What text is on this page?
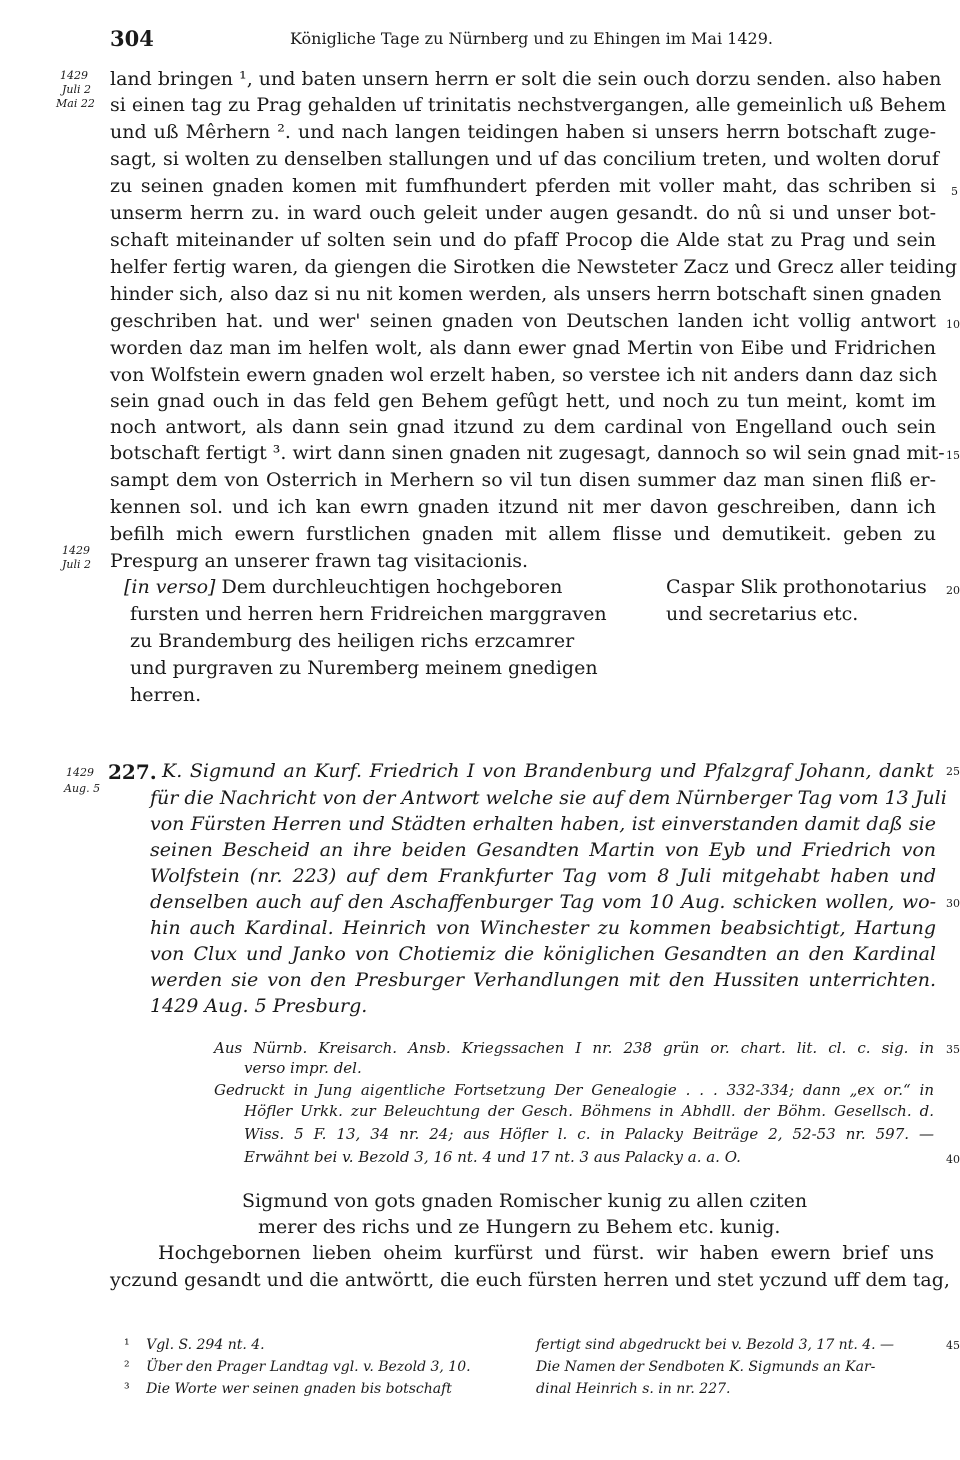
304	Königliche Tage zu Nürnberg und zu Ehingen im Mai 1429.
1429
Juli 2
Mai 22
1429
Juli 2
1429
Aug. 5
5
10
15
20
25
30
35
40
45
land bringen ¹, und baten unsern herrn er solt die sein ouch dorzu senden. also haben
si einen tag zu Prag gehalden uf trinitatis nechstvergangen, alle gemeinlich uß Behem
und uß Mêrhern ². und nach langen teidingen haben si unsers herrn botschaft zuge-
sagt, si wolten zu denselben stallungen und uf das concilium treten, und wolten doruf
zu seinen gnaden komen mit fumfhundert pferden mit voller maht, das schriben si
unserm herrn zu. in ward ouch geleit under augen gesandt. do nû si und unser bot-
schaft miteinander uf solten sein und do pfaff Procop die Alde stat zu Prag und sein
helfer fertig waren, da giengen die Sirotken die Newsteter Zacz und Grecz aller teiding
hinder sich, also daz si nu nit komen werden, als unsers herrn botschaft sinen gnaden
geschriben hat. und wer' seinen gnaden von Deutschen landen icht vollig antwort
worden daz man im helfen wolt, als dann ewer gnad Mertin von Eibe und Fridrichen
von Wolfstein ewern gnaden wol erzelt haben, so verstee ich nit anders dann daz sich
sein gnad ouch in das feld gen Behem gefûgt hett, und noch zu tun meint, komt im
noch antwort, als dann sein gnad itzund zu dem cardinal von Engelland ouch sein
botschaft fertigt ³. wirt dann sinen gnaden nit zugesagt, dannoch so wil sein gnad mit-
sampt dem von Osterrich in Merhern so vil tun disen summer daz man sinen fliß er-
kennen sol. und ich kan ewrn gnaden itzund nit mer davon geschreiben, dann ich
befilh mich ewern furstlichen gnaden mit allem flisse und demutikeit. geben zu
Prespurg an unserer frawn tag visitacionis.
[in verso] Dem durchleuchtigen hochgeboren
fursten und herren hern Fridreichen marggraven
zu Brandemburg des heiligen richs erzcamrer
und purgraven zu Nuremberg meinem gnedigen
herren.
Caspar Slik prothonotarius
und secretarius etc.
227. K. Sigmund an Kurf. Friedrich I von Brandenburg und Pfalzgraf Johann, dankt
für die Nachricht von der Antwort welche sie auf dem Nürnberger Tag vom 13 Juli
von Fürsten Herren und Städten erhalten haben, ist einverstanden damit daß sie
seinen Bescheid an ihre beiden Gesandten Martin von Eyb und Friedrich von
Wolfstein (nr. 223) auf dem Frankfurter Tag vom 8 Juli mitgehabt haben und
denselben auch auf den Aschaffenburger Tag vom 10 Aug. schicken wollen, wo-
hin auch Kardinal. Heinrich von Winchester zu kommen beabsichtigt, Hartung
von Clux und Janko von Chotiemiz die königlichen Gesandten an den Kardinal
werden sie von den Presburger Verhandlungen mit den Hussiten unterrichten.
1429 Aug. 5 Presburg.
Aus Nürnb. Kreisarch. Ansb. Kriegssachen I nr. 238 grün or. chart. lit. cl. c. sig. in
verso impr. del.
Gedruckt in Jung aigentliche Fortsetzung Der Genealogie . . . 332-334; dann „ex or.“ in
Höfler Urkk. zur Beleuchtung der Gesch. Böhmens in Abhdll. der Böhm. Gesellsch. d.
Wiss. 5 F. 13, 34 nr. 24; aus Höfler l. c. in Palacky Beiträge 2, 52-53 nr. 597. —
Erwähnt bei v. Bezold 3, 16 nt. 4 und 17 nt. 3 aus Palacky a. a. O.
Sigmund von gots gnaden Romischer kunig zu allen cziten
merer des richs und ze Hungern zu Behem etc. kunig.
Hochgebornen lieben oheim kurfürst und fürst. wir haben ewern brief uns
yczund gesandt und die antwörtt, die euch fürsten herren und stet yczund uff dem tag,
¹ Vgl. S. 294 nt. 4.
² Über den Prager Landtag vgl. v. Bezold 3, 10.
³ Die Worte wer seinen gnaden bis botschaft
fertigt sind abgedruckt bei v. Bezold 3, 17 nt. 4. —
Die Namen der Sendboten K. Sigmunds an Kar-
dinal Heinrich s. in nr. 227.
